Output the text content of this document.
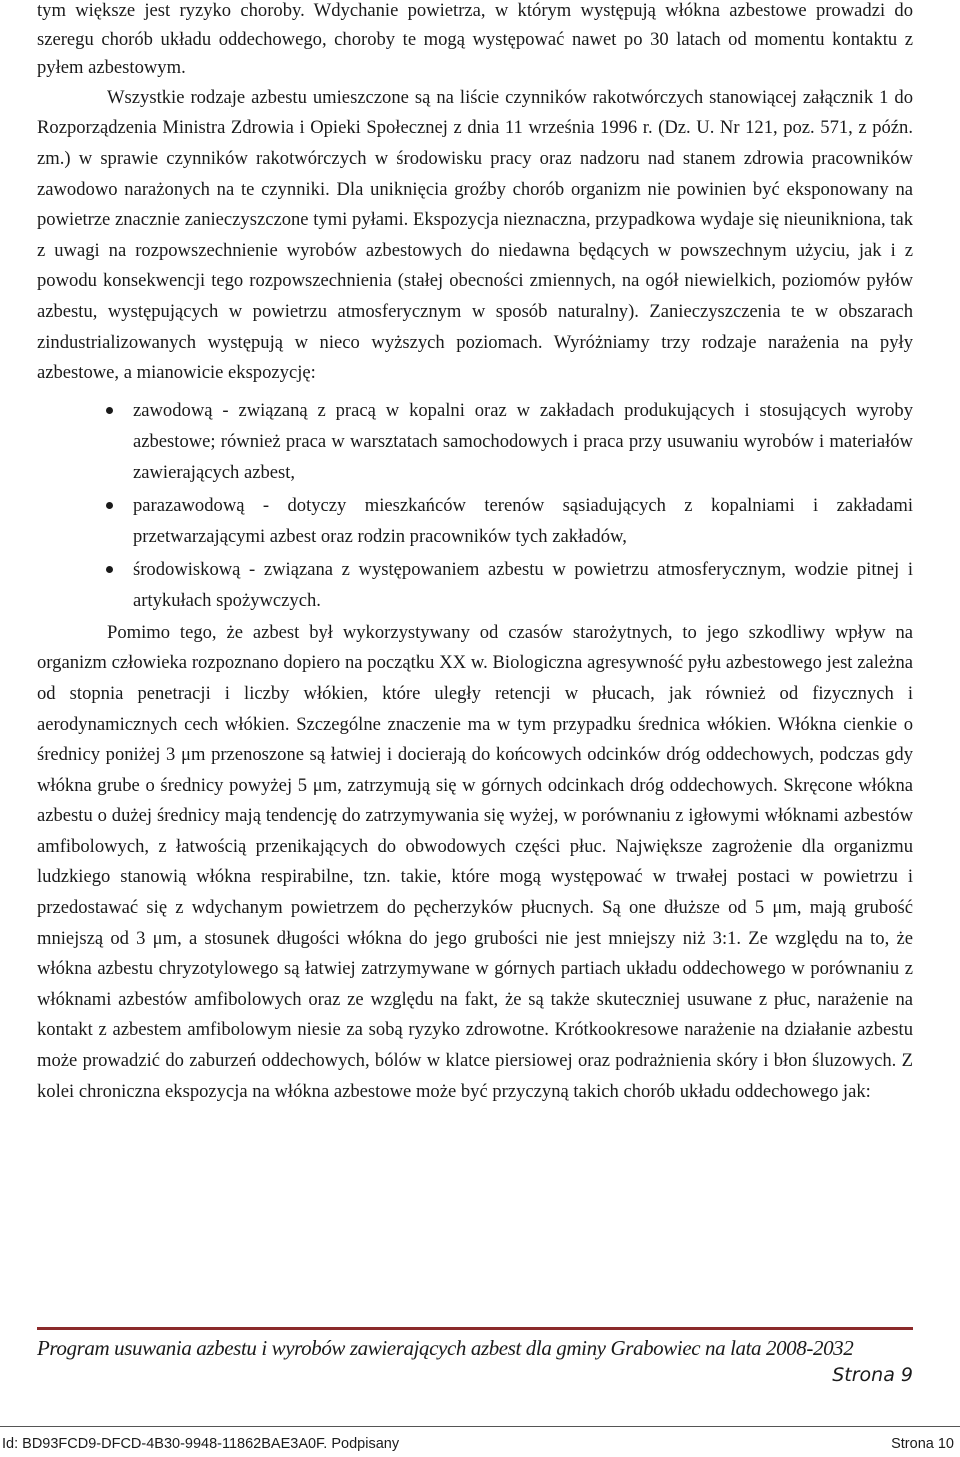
tym większe jest ryzyko choroby. Wdychanie powietrza, w którym występują włókna azbestowe prowadzi do szeregu chorób układu oddechowego, choroby te mogą występować nawet po 30 latach od momentu kontaktu z pyłem azbestowym.

Wszystkie rodzaje azbestu umieszczone są na liście czynników rakotwórczych stanowiącej załącznik 1 do Rozporządzenia Ministra Zdrowia i Opieki Społecznej z dnia 11 września 1996 r. (Dz. U. Nr 121, poz. 571, z późn. zm.) w sprawie czynników rakotwórczych w środowisku pracy oraz nadzoru nad stanem zdrowia pracowników zawodowo narażonych na te czynniki. Dla uniknięcia groźby chorób organizm nie powinien być eksponowany na powietrze znacznie zanieczyszczone tymi pyłami. Ekspozycja nieznaczna, przypadkowa wydaje się nieunikniona, tak z uwagi na rozpowszechnienie wyrobów azbestowych do niedawna będących w powszechnym użyciu, jak i z powodu konsekwencji tego rozpowszechnienia (stałej obecności zmiennych, na ogół niewielkich, poziomów pyłów azbestu, występujących w powietrzu atmosferycznym w sposób naturalny). Zanieczyszczenia te w obszarach zindustrializowanych występują w nieco wyższych poziomach. Wyróżniamy trzy rodzaje narażenia na pyły azbestowe, a mianowicie ekspozycję:

zawodową - związaną z pracą w kopalni oraz w zakładach produkujących i stosujących wyroby azbestowe; również praca w warsztatach samochodowych i praca przy usuwaniu wyrobów i materiałów zawierających azbest,
parazawodową - dotyczy mieszkańców terenów sąsiadujących z kopalniami i zakładami przetwarzającymi azbest oraz rodzin pracowników tych zakładów,
środowiskową - związana z występowaniem azbestu w powietrzu atmosferycznym, wodzie pitnej i artykułach spożywczych.

Pomimo tego, że azbest był wykorzystywany od czasów starożytnych, to jego szkodliwy wpływ na organizm człowieka rozpoznano dopiero na początku XX w. Biologiczna agresywność pyłu azbestowego jest zależna od stopnia penetracji i liczby włókien, które uległy retencji w płucach, jak również od fizycznych i aerodynamicznych cech włókien. Szczególne znaczenie ma w tym przypadku średnica włókien. Włókna cienkie o średnicy poniżej 3 μm przenoszone są łatwiej i docierają do końcowych odcinków dróg oddechowych, podczas gdy włókna grube o średnicy powyżej 5 μm, zatrzymują się w górnych odcinkach dróg oddechowych. Skręcone włókna azbestu o dużej średnicy mają tendencję do zatrzymywania się wyżej, w porównaniu z igłowymi włóknami azbestów amfibolowych, z łatwością przenikających do obwodowych części płuc. Największe zagrożenie dla organizmu ludzkiego stanowią włókna respirabilne, tzn. takie, które mogą występować w trwałej postaci w powietrzu i przedostawać się z wdychanym powietrzem do pęcherzyków płucnych. Są one dłuższe od 5 μm, mają grubość mniejszą od 3 μm, a stosunek długości włókna do jego grubości nie jest mniejszy niż 3:1. Ze względu na to, że włókna azbestu chryzotylowego są łatwiej zatrzymywane w górnych partiach układu oddechowego w porównaniu z włóknami azbestów amfibolowych oraz ze względu na fakt, że są także skuteczniej usuwane z płuc, narażenie na kontakt z azbestem amfibolowym niesie za sobą ryzyko zdrowotne. Krótkookresowe narażenie na działanie azbestu może prowadzić do zaburzeń oddechowych, bólów w klatce piersiowej oraz podrażnienia skóry i błon śluzowych. Z kolei chroniczna ekspozycja na włókna azbestowe może być przyczyną takich chorób układu oddechowego jak:

Program usuwania azbestu i wyrobów zawierających azbest dla gminy Grabowiec na lata 2008-2032
Strona 9
Id: BD93FCD9-DFCD-4B30-9948-11862BAE3A0F. Podpisany	Strona 10
